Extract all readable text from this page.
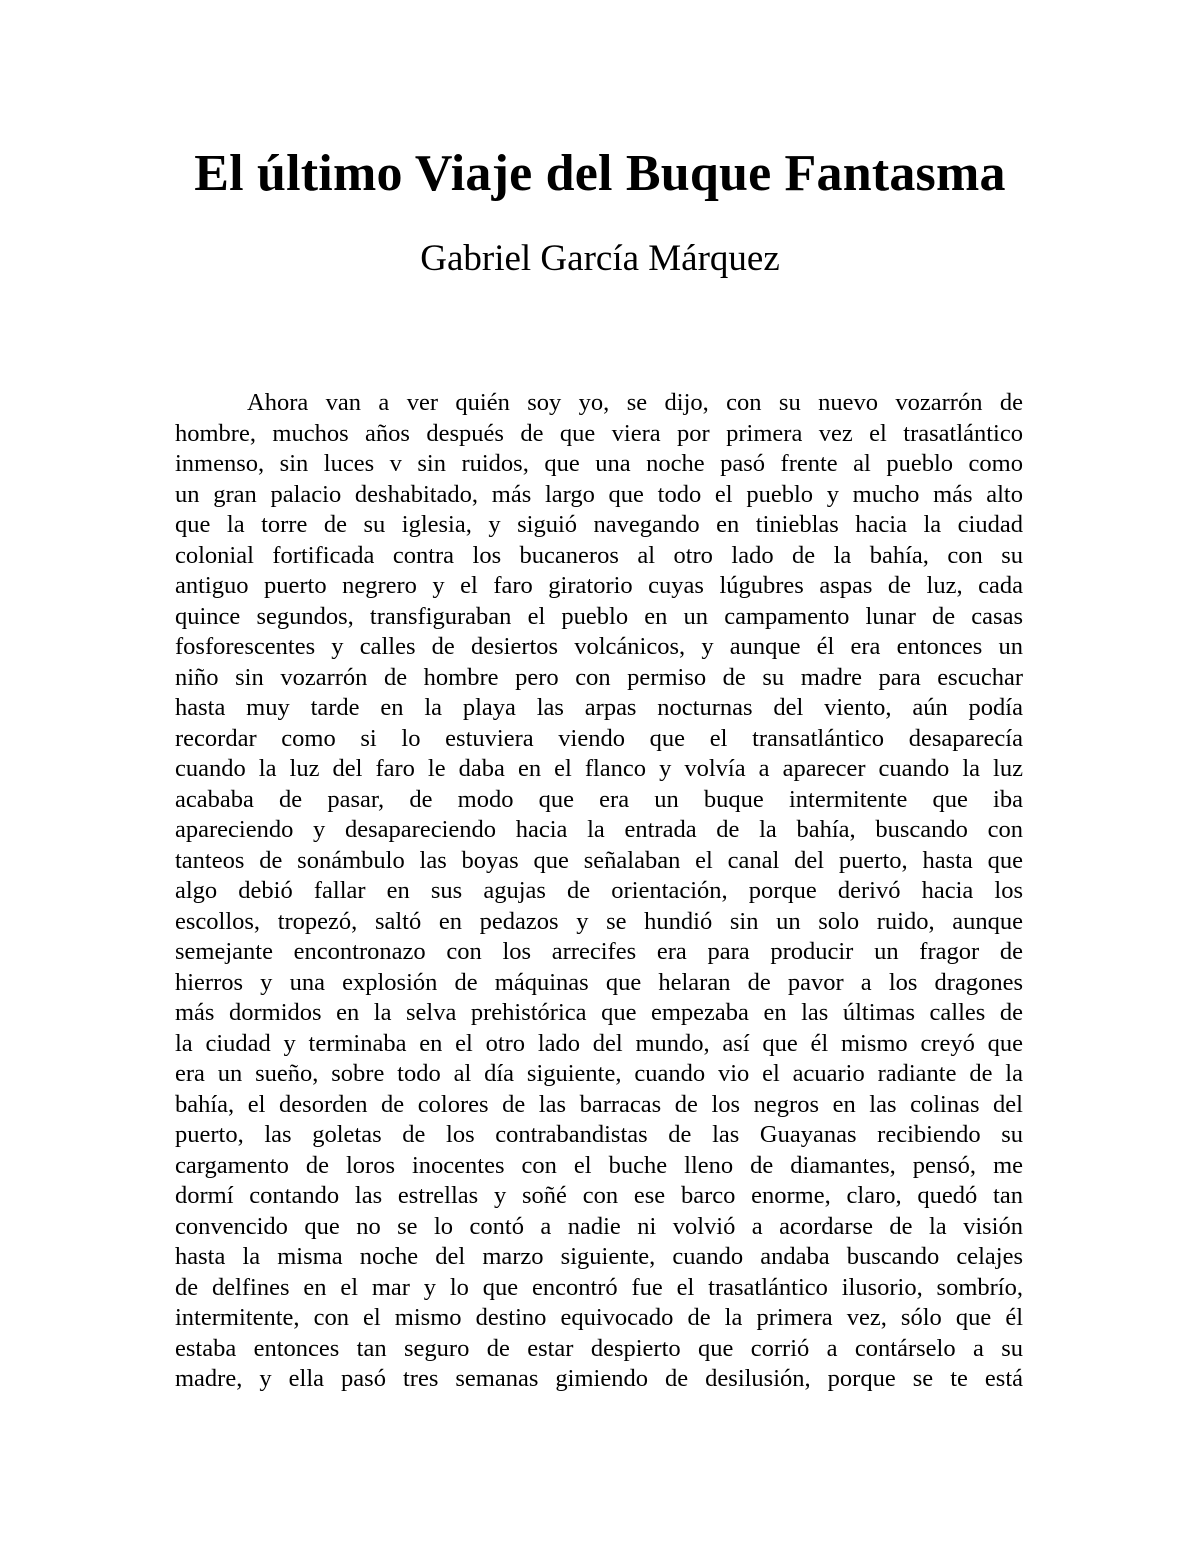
El último Viaje del Buque Fantasma
Gabriel García Márquez
Ahora van a ver quién soy yo, se dijo, con su nuevo vozarrón de
hombre, muchos años después de que viera por primera vez el trasatlántico
inmenso, sin luces v sin ruidos, que una noche pasó frente al pueblo como
un gran palacio deshabitado, más largo que todo el pueblo y mucho más alto
que la torre de su iglesia, y siguió navegando en tinieblas hacia la ciudad
colonial fortificada contra los bucaneros al otro lado de la bahía, con su
antiguo puerto negrero y el faro giratorio cuyas lúgubres aspas de luz, cada
quince segundos, transfiguraban el pueblo en un campamento lunar de casas
fosforescentes y calles de desiertos volcánicos, y aunque él era entonces un
niño sin vozarrón de hombre pero con permiso de su madre para escuchar
hasta muy tarde en la playa las arpas nocturnas del viento, aún podía
recordar como si lo estuviera viendo que el transatlántico desaparecía
cuando la luz del faro le daba en el flanco y volvía a aparecer cuando la luz
acababa de pasar, de modo que era un buque intermitente que iba
apareciendo y desapareciendo hacia la entrada de la bahía, buscando con
tanteos de sonámbulo las boyas que señalaban el canal del puerto, hasta que
algo debió fallar en sus agujas de orientación, porque derivó hacia los
escollos, tropezó, saltó en pedazos y se hundió sin un solo ruido, aunque
semejante encontronazo con los arrecifes era para producir un fragor de
hierros y una explosión de máquinas que helaran de pavor a los dragones
más dormidos en la selva prehistórica que empezaba en las últimas calles de
la ciudad y terminaba en el otro lado del mundo, así que él mismo creyó que
era un sueño, sobre todo al día siguiente, cuando vio el acuario radiante de la
bahía, el desorden de colores de las barracas de los negros en las colinas del
puerto, las goletas de los contrabandistas de las Guayanas recibiendo su
cargamento de loros inocentes con el buche lleno de diamantes, pensó, me
dormí contando las estrellas y soñé con ese barco enorme, claro, quedó tan
convencido que no se lo contó a nadie ni volvió a acordarse de la visión
hasta la misma noche del marzo siguiente, cuando andaba buscando celajes
de delfines en el mar y lo que encontró fue el trasatlántico ilusorio, sombrío,
intermitente, con el mismo destino equivocado de la primera vez, sólo que él
estaba entonces tan seguro de estar despierto que corrió a contárselo a su
madre, y ella pasó tres semanas gimiendo de desilusión, porque se te está
